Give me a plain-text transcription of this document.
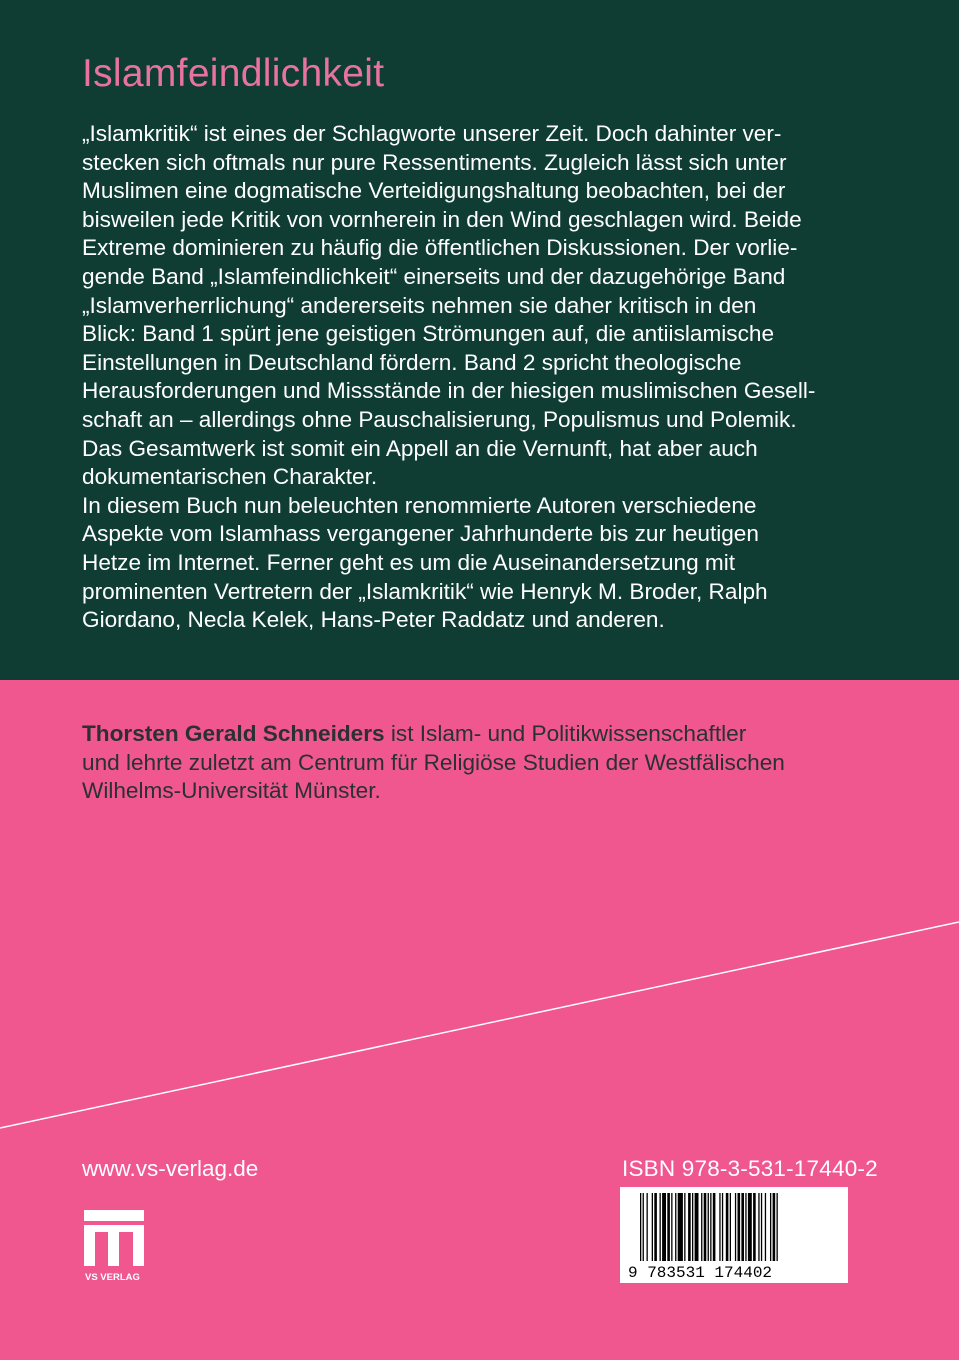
Islamfeindlichkeit

„Islamkritik“ ist eines der Schlagworte unserer Zeit. Doch dahinter ver-
stecken sich oftmals nur pure Ressentiments. Zugleich lässt sich unter
Muslimen eine dogmatische Verteidigungshaltung beobachten, bei der
bisweilen jede Kritik von vornherein in den Wind geschlagen wird. Beide
Extreme dominieren zu häufig die öffentlichen Diskussionen. Der vorlie-
gende Band „Islamfeindlichkeit“ einerseits und der dazugehörige Band
„Islamverherrlichung“ andererseits nehmen sie daher kritisch in den
Blick: Band 1 spürt jene geistigen Strömungen auf, die antiislamische
Einstellungen in Deutschland fördern. Band 2 spricht theologische
Herausforderungen und Missstände in der hiesigen muslimischen Gesell-
schaft an – allerdings ohne Pauschalisierung, Populismus und Polemik.
Das Gesamtwerk ist somit ein Appell an die Vernunft, hat aber auch
dokumentarischen Charakter.

In diesem Buch nun beleuchten renommierte Autoren verschiedene
Aspekte vom Islamhass vergangener Jahrhunderte bis zur heutigen
Hetze im Internet. Ferner geht es um die Auseinandersetzung mit
prominenten Vertretern der „Islamkritik“ wie Henryk M. Broder, Ralph
Giordano, Necla Kelek, Hans-Peter Raddatz und anderen.

Thorsten Gerald Schneiders ist Islam- und Politikwissenschaftler
und lehrte zuletzt am Centrum für Religiöse Studien der Westfälischen
Wilhelms-Universität Münster.

www.vs-verlag.de
VS VERLAG
ISBN 978-3-531-17440-2
9 783531 174402
